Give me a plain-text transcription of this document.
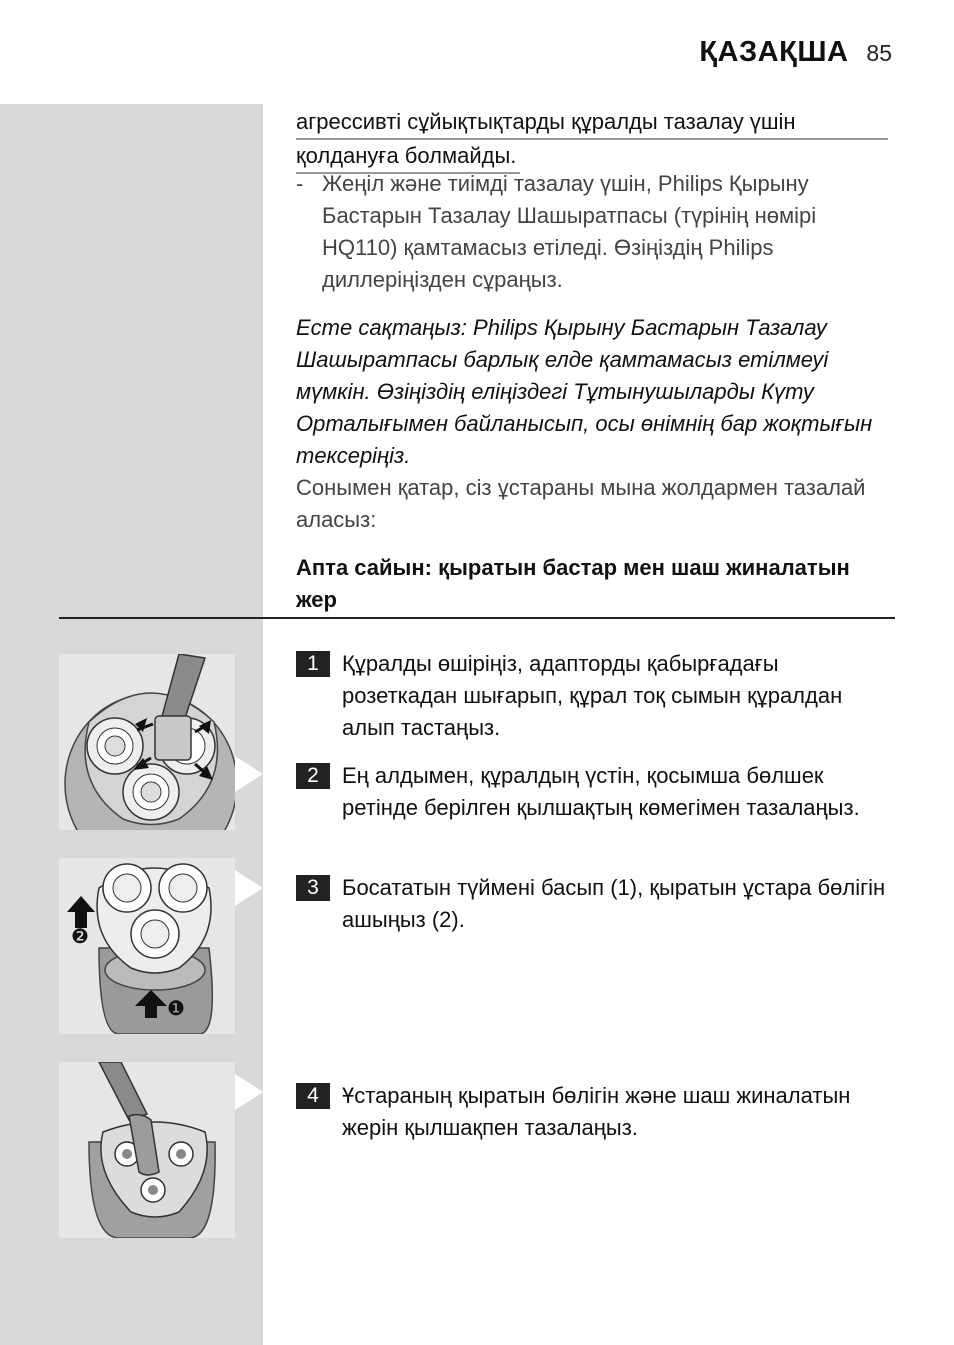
ҚАЗАҚША 85
агрессивті сұйықтықтарды құралды тазалау үшін
қолдануға болмайды.
- Жеңіл және тиімді тазалау үшін, Philips Қырыну Бастарын Тазалау Шашыратпасы (түрінің нөмірі HQ110) қамтамасыз етіледі. Өзіңіздің Philips диллеріңізден сұраңыз.
Есте сақтаңыз: Philips Қырыну Бастарын Тазалау Шашыратпасы барлық елде қамтамасыз етілмеуі мүмкін. Өзіңіздің еліңіздегі Тұтынушыларды Күту Орталығымен байланысып, осы өнімнің бар жоқтығын тексеріңіз.
Сонымен қатар, сіз ұстараны мына жолдармен тазалай аласыз:
Апта сайын: қыратын бастар мен шаш жиналатын жер
❷
❶
1	Құралды өшіріңіз, адапторды қабырғадағы розеткадан шығарып, құрал тоқ сымын құралдан алып тастаңыз.
2	Ең алдымен, құралдың үстін, қосымша бөлшек ретінде берілген қылшақтың көмегімен тазалаңыз.
3	Босататын түймені басып (1), қыратын ұстара бөлігін ашыңыз (2).
4	Ұстараның қыратын бөлігін және шаш жиналатын жерін қылшақпен тазалаңыз.
